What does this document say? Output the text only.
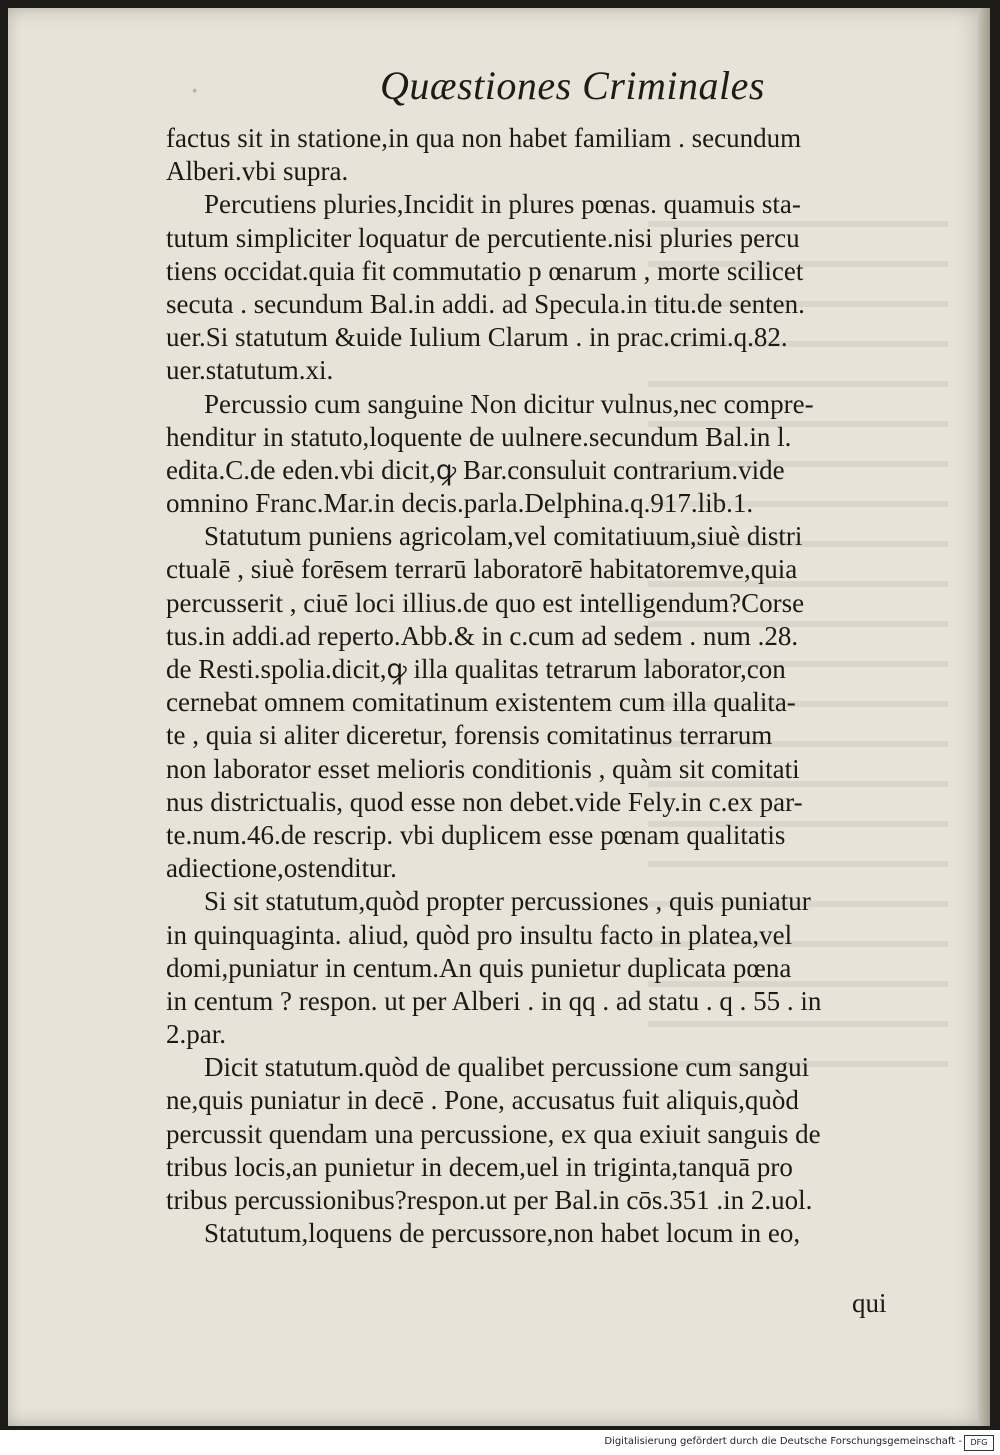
·	Quæstiones Criminales
factus sit in statione,in qua non habet familiam . secundum
Alberi.vbi supra.
Percutiens pluries,Incidit in plures pœnas. quamuis sta-
tutum simpliciter loquatur de percutiente.nisi pluries percu
tiens occidat.quia fit commutatio p œnarum , morte scilicet
secuta . secundum Bal.in addi. ad Specula.in titu.de senten.
uer.Si statutum &uide Iulium Clarum . in prac.crimi.q.82.
uer.statutum.xi.
Percussio cum sanguine Non dicitur vulnus,nec compre-
henditur in statuto,loquente de uulnere.secundum Bal.in l.
edita.C.de eden.vbi dicit,ꝙ Bar.consuluit contrarium.vide
omnino Franc.Mar.in decis.parla.Delphina.q.917.lib.1.
Statutum puniens agricolam,vel comitatiuum,siuè distri
ctualē , siuè forēsem terrarū laboratorē habitatoremve,quia
percusserit , ciuē loci illius.de quo est intelligendum?Corse
tus.in addi.ad reperto.Abb.& in c.cum ad sedem . num .28.
de Resti.spolia.dicit,ꝙ illa qualitas tetrarum laborator,con
cernebat omnem comitatinum existentem cum illa qualita-
te , quia si aliter diceretur, forensis comitatinus terrarum
non laborator esset melioris conditionis , quàm sit comitati
nus districtualis, quod esse non debet.vide Fely.in c.ex par-
te.num.46.de rescrip. vbi duplicem esse pœnam qualitatis
adiectione,ostenditur.
Si sit statutum,quòd propter percussiones , quis puniatur
in quinquaginta. aliud, quòd pro insultu facto in platea,vel
domi,puniatur in centum.An quis punietur duplicata pœna
in centum ? respon. ut per Alberi . in qq . ad statu . q . 55 . in
2.par.
Dicit statutum.quòd de qualibet percussione cum sangui
ne,quis puniatur in decē . Pone, accusatus fuit aliquis,quòd
percussit quendam una percussione, ex qua exiuit sanguis de
tribus locis,an punietur in decem,uel in triginta,tanquā pro
tribus percussionibus?respon.ut per Bal.in cōs.351 .in 2.uol.
Statutum,loquens de percussore,non habet locum in eo,
qui
Digitalisierung gefördert durch die Deutsche Forschungsgemeinschaft -	DFG
